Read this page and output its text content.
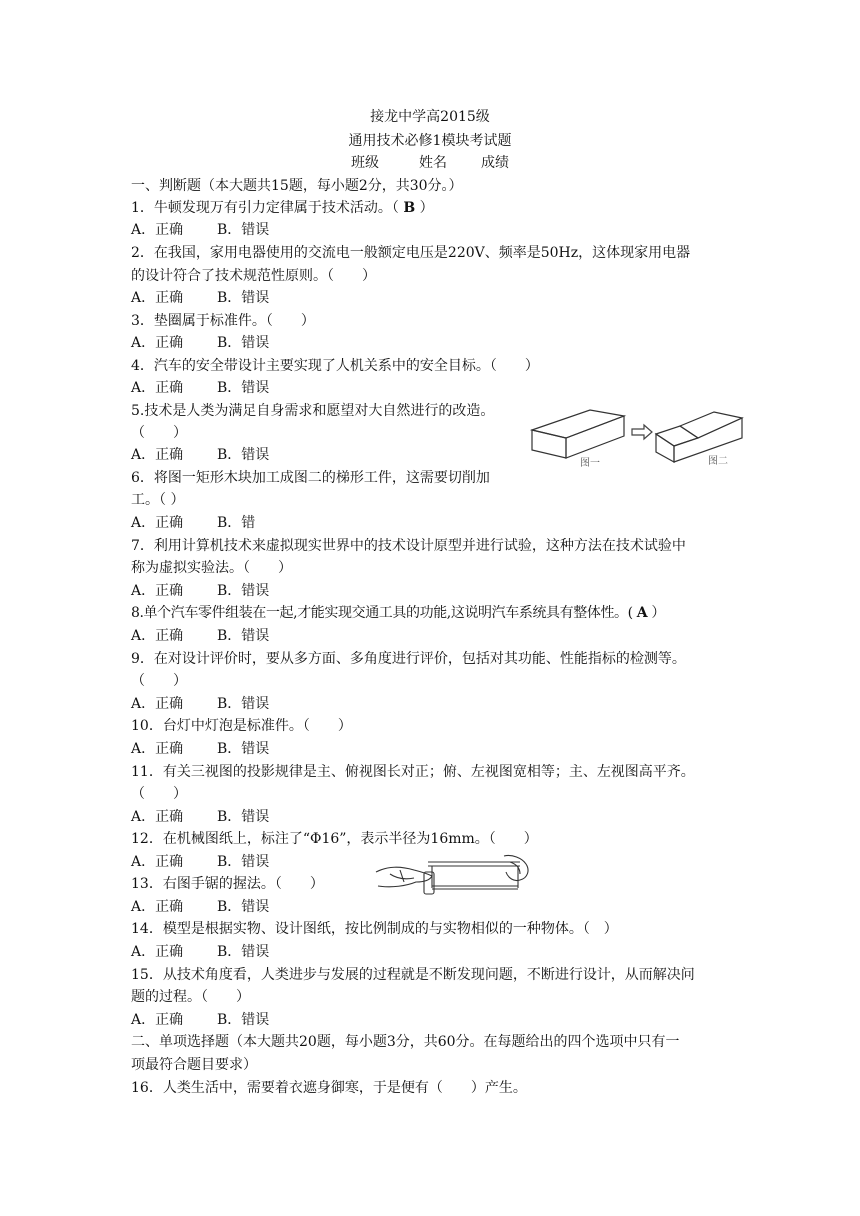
接龙中学高2015级
通用技术必修1模块考试题
班级	姓名 成绩
一、判断题（本大题共15题，每小题2分，共30分。）
1．牛顿发现万有引力定律属于技术活动。（ B ）
A．正确 B．错误
2．在我国，家用电器使用的交流电一般额定电压是220V、频率是50Hz，这体现家用电器
的设计符合了技术规范性原则。（　　）
A．正确 B．错误
3．垫圈属于标准件。（　　）
A．正确 B．错误
4．汽车的安全带设计主要实现了人机关系中的安全目标。（　　）
A．正确 B．错误
5.技术是人类为满足自身需求和愿望对大自然进行的改造。
（　　）
A．正确 B．错误
图一	图二
6．将图一矩形木块加工成图二的梯形工件，这需要切削加
工。（ ）
A．正确 B．错
7．利用计算机技术来虚拟现实世界中的技术设计原型并进行试验，这种方法在技术试验中
称为虚拟实验法。（　　）
A．正确 B．错误
8.单个汽车零件组装在一起,才能实现交通工具的功能,这说明汽车系统具有整体性。( A ）
A．正确 B．错误
9．在对设计评价时，要从多方面、多角度进行评价，包括对其功能、性能指标的检测等。
（　　）
A．正确 B．错误
10．台灯中灯泡是标准件。（　　）
A．正确 B．错误
11．有关三视图的投影规律是主、俯视图长对正；俯、左视图宽相等；主、左视图高平齐。
（　　）
A．正确 B．错误
12．在机械图纸上，标注了“Φ16”，表示半径为16mm。（　　）
A．正确 B．错误
13．右图手锯的握法。（　　）
A．正确 B．错误
14．模型是根据实物、设计图纸，按比例制成的与实物相似的一种物体。（　）
A．正确 B．错误
15．从技术角度看，人类进步与发展的过程就是不断发现问题，不断进行设计，从而解决问
题的过程。（　　）
A．正确 B．错误
二、单项选择题（本大题共20题，每小题3分，共60分。在每题给出的四个选项中只有一
项最符合题目要求）
16．人类生活中，需要着衣遮身御寒，于是便有（　　）产生。
